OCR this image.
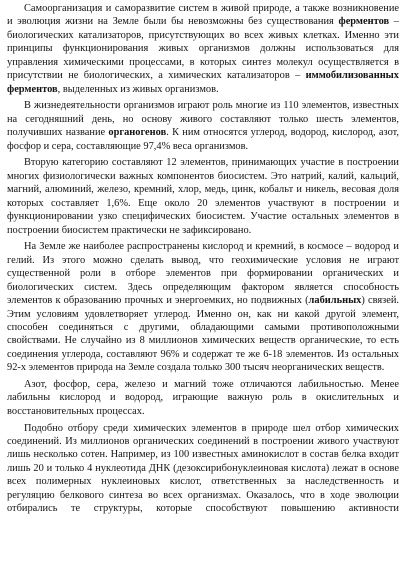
Самоорганизация и саморазвитие систем в живой природе, а также возникновение и эволюция жизни на Земле были бы невозможны без существования ферментов – биологических катализаторов, присутствующих во всех живых клетках. Именно эти принципы функционирования живых организмов должны использоваться для управления химическими процессами, в которых синтез молекул осуществляется в присутствии не биологических, а химических катализаторов – иммобилизованных ферментов, выделенных из живых организмов.

В жизнедеятельности организмов играют роль многие из 110 элементов, известных на сегодняшний день, но основу живого составляют только шесть элементов, получивших название органогенов. К ним относятся углерод, водород, кислород, азот, фосфор и сера, составляющие 97,4% веса организмов.

Вторую категорию составляют 12 элементов, принимающих участие в построении многих физиологически важных компонентов биосистем. Это натрий, калий, кальций, магний, алюминий, железо, кремний, хлор, медь, цинк, кобальт и никель, весовая доля которых составляет 1,6%. Еще около 20 элементов участвуют в построении и функционировании узко специфических биосистем. Участие остальных элементов в построении биосистем практически не зафиксировано.

На Земле же наиболее распространены кислород и кремний, в космосе – водород и гелий. Из этого можно сделать вывод, что геохимические условия не играют существенной роли в отборе элементов при формировании органических и биологических систем. Здесь определяющим фактором является способность элементов к образованию прочных и энергоемких, но подвижных (лабильных) связей. Этим условиям удовлетворяет углерод. Именно он, как ни какой другой элемент, способен соединяться с другими, обладающими самыми противоположными свойствами. Не случайно из 8 миллионов химических веществ органические, то есть соединения углерода, составляют 96% и содержат те же 6-18 элементов. Из остальных 92-х элементов природа на Земле создала только 300 тысяч неорганических веществ.

Азот, фосфор, сера, железо и магний тоже отличаются лабильностью. Менее лабильны кислород и водород, играющие важную роль в окислительных и восстановительных процессах.

Подобно отбору среди химических элементов в природе шел отбор химических соединений. Из миллионов органических соединений в построении живого участвуют лишь несколько сотен. Например, из 100 известных аминокислот в состав белка входит лишь 20 и только 4 нуклеотида ДНК (дезоксирибонуклеиновая кислота) лежат в основе всех полимерных нуклеиновых кислот, ответственных за наследственность и регуляцию белкового синтеза во всех организмах. Оказалось, что в ходе эволюции отбирались те структуры, которые способствуют повышению активности
